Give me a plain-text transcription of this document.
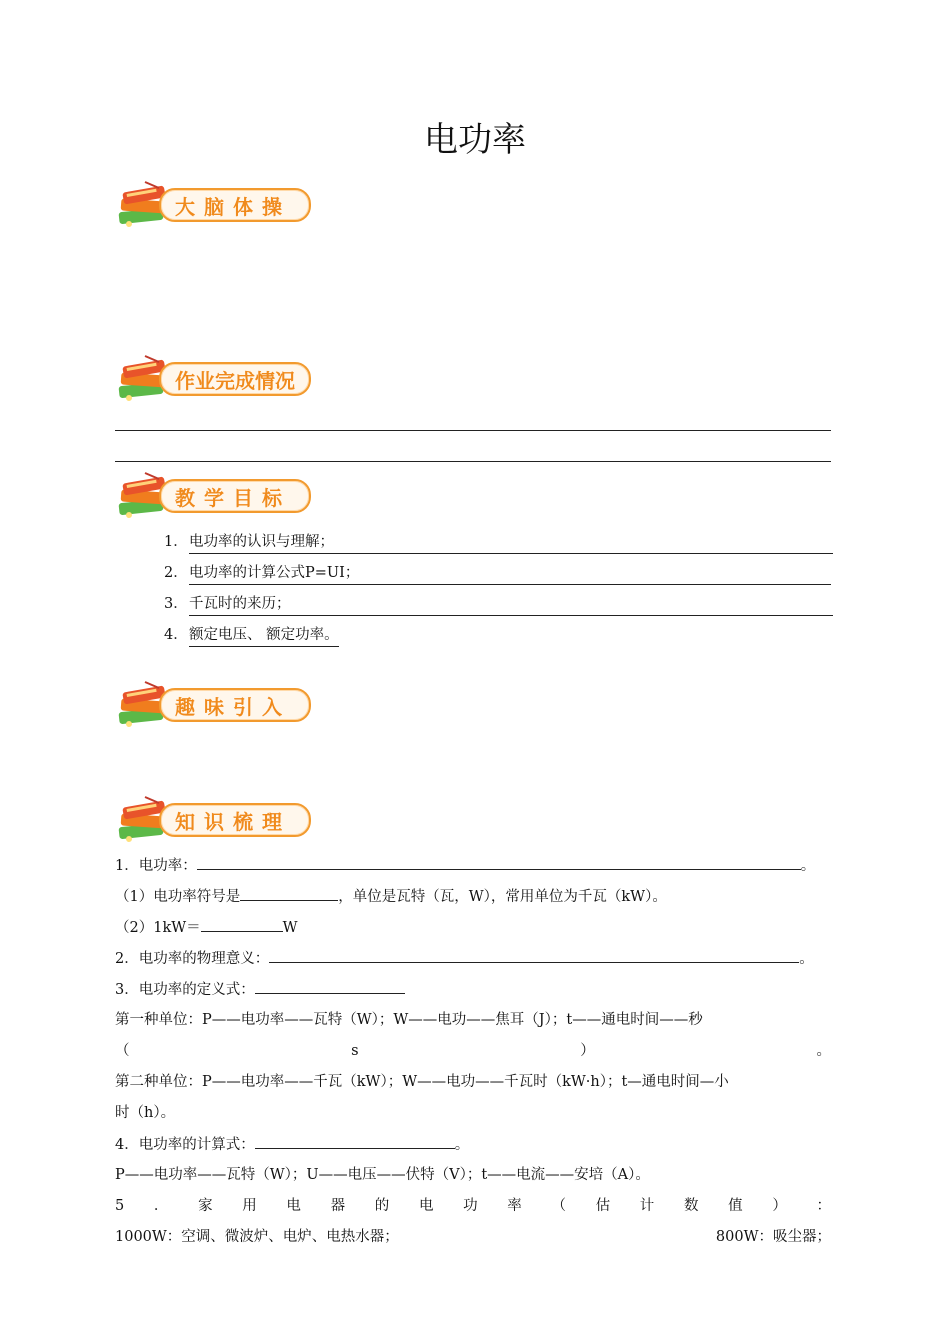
电功率
大脑体操
作业完成情况
教学目标
1． 电功率的认识与理解；
2． 电功率的计算公式P=UI；
3． 千瓦时的来历；
4． 额定电压、 额定功率。
趣味引入
知识梳理
1．电功率：	。
（1）电功率符号是	，单位是瓦特（瓦，W），常用单位为千瓦（kW）。
（2）1kW＝	W
2．电功率的物理意义：	。
3．电功率的定义式：
第一种单位：P——电功率——瓦特（W）；W——电功——焦耳（J）；t——通电时间——秒
（	s	）	。
第二种单位：P——电功率——千瓦（kW）；W——电功——千瓦时（kW·h）；t—通电时间—小
时（h）。
4．电功率的计算式：	。
P——电功率——瓦特（W）；U——电压——伏特（V）；t——电流——安培（A）。
5 ． 家 用 电 器 的 电 功 率 （ 估 计 数 值 ） ：
1000W：空调、微波炉、电炉、电热水器；	800W：吸尘器；
